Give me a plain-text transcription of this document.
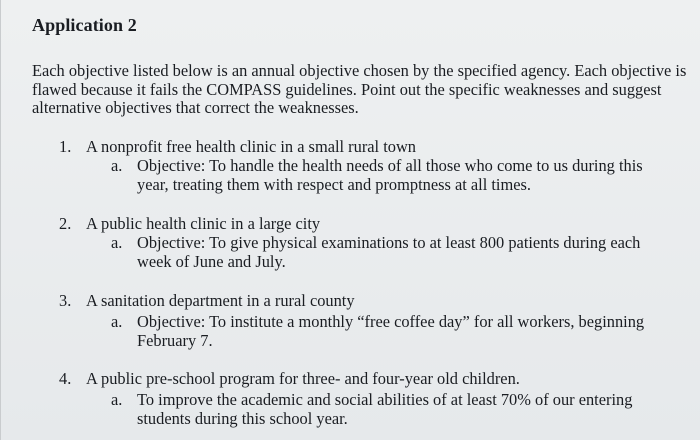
Application 2
Each objective listed below is an annual objective chosen by the specified agency. Each objective is flawed because it fails the COMPASS guidelines. Point out the specific weaknesses and suggest alternative objectives that correct the weaknesses.
1. A nonprofit free health clinic in a small rural town
a. Objective: To handle the health needs of all those who come to us during this year, treating them with respect and promptness at all times.
2. A public health clinic in a large city
a. Objective: To give physical examinations to at least 800 patients during each week of June and July.
3. A sanitation department in a rural county
a. Objective: To institute a monthly “free coffee day” for all workers, beginning February 7.
4. A public pre-school program for three- and four-year old children.
a. To improve the academic and social abilities of at least 70% of our entering students during this school year.
